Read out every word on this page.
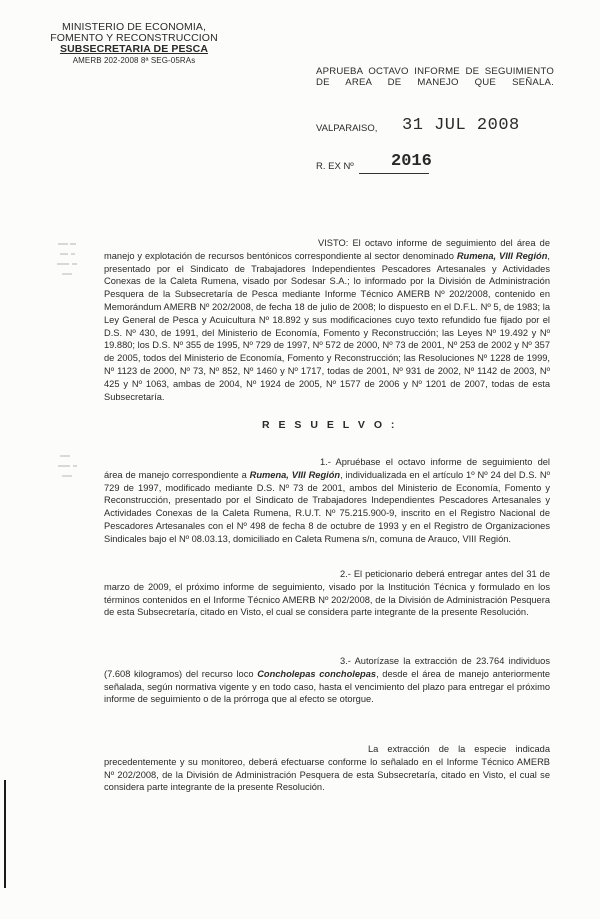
MINISTERIO DE ECONOMIA,
FOMENTO Y RECONSTRUCCION
SUBSECRETARIA DE PESCA
AMERB 202-2008 8ª SEG-05RAs
APRUEBA OCTAVO INFORME DE SEGUIMIENTO DE AREA DE MANEJO QUE SEÑALA.
VALPARAISO, 31 JUL 2008
R. EX Nº 2016
VISTO: El octavo informe de seguimiento del área de manejo y explotación de recursos bentónicos correspondiente al sector denominado Rumena, VIII Región, presentado por el Sindicato de Trabajadores Independientes Pescadores Artesanales y Actividades Conexas de la Caleta Rumena, visado por Sodesar S.A.; lo informado por la División de Administración Pesquera de la Subsecretaría de Pesca mediante Informe Técnico AMERB Nº 202/2008, contenido en Memorándum AMERB Nº 202/2008, de fecha 18 de julio de 2008; lo dispuesto en el D.F.L. Nº 5, de 1983; la Ley General de Pesca y Acuicultura Nº 18.892 y sus modificaciones cuyo texto refundido fue fijado por el D.S. Nº 430, de 1991, del Ministerio de Economía, Fomento y Reconstrucción; las Leyes Nº 19.492 y Nº 19.880; los D.S. Nº 355 de 1995, Nº 729 de 1997, Nº 572 de 2000, Nº 73 de 2001, Nº 253 de 2002 y Nº 357 de 2005, todos del Ministerio de Economía, Fomento y Reconstrucción; las Resoluciones Nº 1228 de 1999, Nº 1123 de 2000, Nº 73, Nº 852, Nº 1460 y Nº 1717, todas de 2001, Nº 931 de 2002, Nº 1142 de 2003, Nº 425 y Nº 1063, ambas de 2004, Nº 1924 de 2005, Nº 1577 de 2006 y Nº 1201 de 2007, todas de esta Subsecretaría.
R E S U E L V O :
1.- Apruébase el octavo informe de seguimiento del área de manejo correspondiente a Rumena, VIII Región, individualizada en el artículo 1º Nº 24 del D.S. Nº 729 de 1997, modificado mediante D.S. Nº 73 de 2001, ambos del Ministerio de Economía, Fomento y Reconstrucción, presentado por el Sindicato de Trabajadores Independientes Pescadores Artesanales y Actividades Conexas de la Caleta Rumena, R.U.T. Nº 75.215.900-9, inscrito en el Registro Nacional de Pescadores Artesanales con el Nº 498 de fecha 8 de octubre de 1993 y en el Registro de Organizaciones Sindicales bajo el Nº 08.03.13, domiciliado en Caleta Rumena s/n, comuna de Arauco, VIII Región.
2.- El peticionario deberá entregar antes del 31 de marzo de 2009, el próximo informe de seguimiento, visado por la Institución Técnica y formulado en los términos contenidos en el Informe Técnico AMERB Nº 202/2008, de la División de Administración Pesquera de esta Subsecretaría, citado en Visto, el cual se considera parte integrante de la presente Resolución.
3.- Autorízase la extracción de 23.764 individuos (7.608 kilogramos) del recurso loco Concholepas concholepas, desde el área de manejo anteriormente señalada, según normativa vigente y en todo caso, hasta el vencimiento del plazo para entregar el próximo informe de seguimiento o de la prórroga que al efecto se otorgue.
La extracción de la especie indicada precedentemente y su monitoreo, deberá efectuarse conforme lo señalado en el Informe Técnico AMERB Nº 202/2008, de la División de Administración Pesquera de esta Subsecretaría, citado en Visto, el cual se considera parte integrante de la presente Resolución.
